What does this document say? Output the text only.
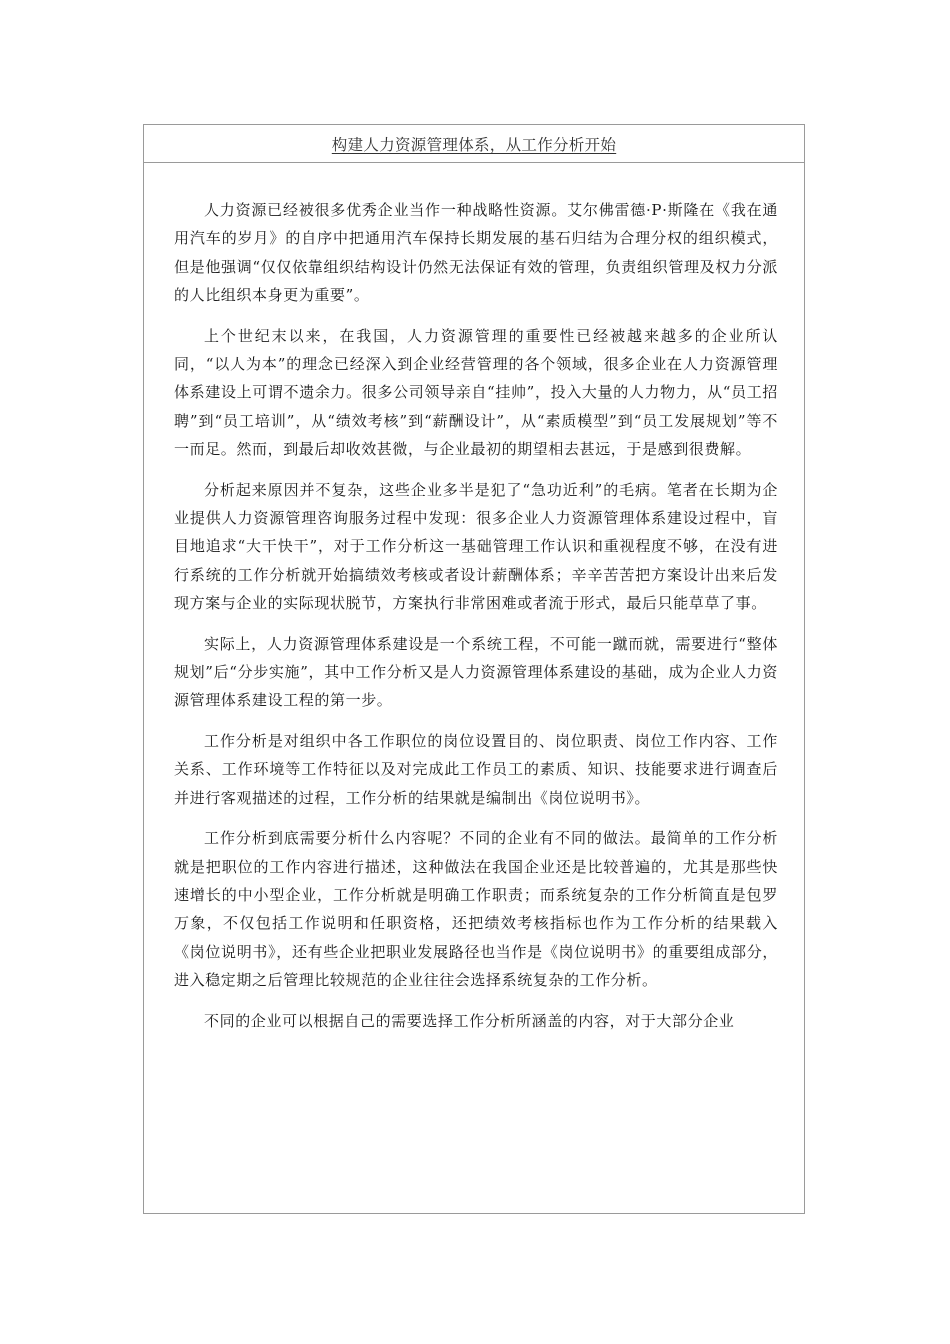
构建人力资源管理体系，从工作分析开始

人力资源已经被很多优秀企业当作一种战略性资源。艾尔佛雷德·P·斯隆在《我在通用汽车的岁月》的自序中把通用汽车保持长期发展的基石归结为合理分权的组织模式，但是他强调“仅仅依靠组织结构设计仍然无法保证有效的管理，负责组织管理及权力分派的人比组织本身更为重要”。

上个世纪末以来，在我国，人力资源管理的重要性已经被越来越多的企业所认同，“以人为本”的理念已经深入到企业经营管理的各个领域，很多企业在人力资源管理体系建设上可谓不遗余力。很多公司领导亲自“挂帅”，投入大量的人力物力，从“员工招聘”到“员工培训”，从“绩效考核”到“薪酬设计”，从“素质模型”到“员工发展规划”等不一而足。然而，到最后却收效甚微，与企业最初的期望相去甚远，于是感到很费解。

分析起来原因并不复杂，这些企业多半是犯了“急功近利”的毛病。笔者在长期为企业提供人力资源管理咨询服务过程中发现：很多企业人力资源管理体系建设过程中，盲目地追求“大干快干”，对于工作分析这一基础管理工作认识和重视程度不够，在没有进行系统的工作分析就开始搞绩效考核或者设计薪酬体系；辛辛苦苦把方案设计出来后发现方案与企业的实际现状脱节，方案执行非常困难或者流于形式，最后只能草草了事。

实际上，人力资源管理体系建设是一个系统工程，不可能一蹴而就，需要进行“整体规划”后“分步实施”，其中工作分析又是人力资源管理体系建设的基础，成为企业人力资源管理体系建设工程的第一步。

工作分析是对组织中各工作职位的岗位设置目的、岗位职责、岗位工作内容、工作关系、工作环境等工作特征以及对完成此工作员工的素质、知识、技能要求进行调查后并进行客观描述的过程，工作分析的结果就是编制出《岗位说明书》。

工作分析到底需要分析什么内容呢？不同的企业有不同的做法。最简单的工作分析就是把职位的工作内容进行描述，这种做法在我国企业还是比较普遍的，尤其是那些快速增长的中小型企业，工作分析就是明确工作职责；而系统复杂的工作分析简直是包罗万象，不仅包括工作说明和任职资格，还把绩效考核指标也作为工作分析的结果载入《岗位说明书》，还有些企业把职业发展路径也当作是《岗位说明书》的重要组成部分，进入稳定期之后管理比较规范的企业往往会选择系统复杂的工作分析。

不同的企业可以根据自己的需要选择工作分析所涵盖的内容，对于大部分企业
